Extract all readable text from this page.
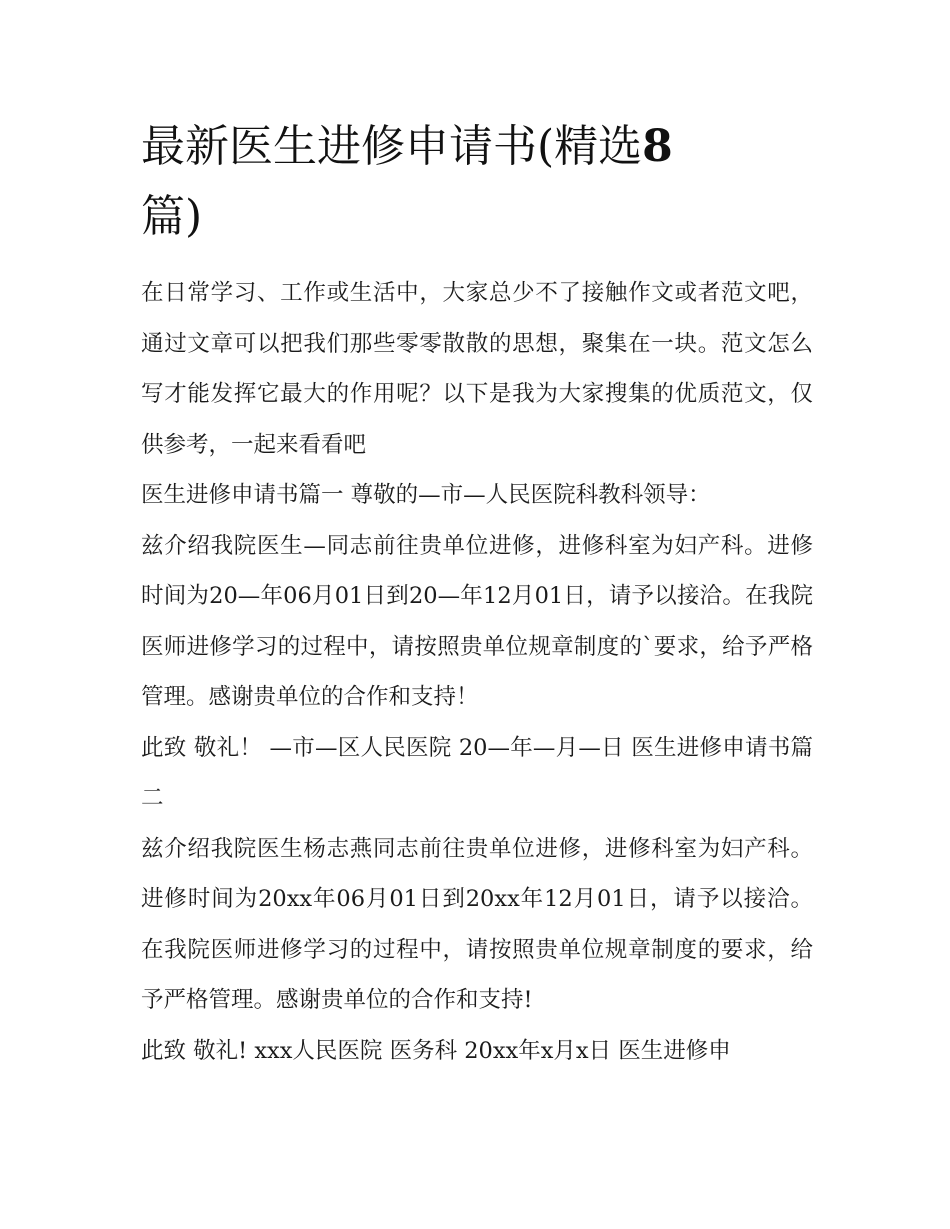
最新医生进修申请书(精选8
篇)

在日常学习、工作或生活中，大家总少不了接触作文或者范文吧，通过文章可以把我们那些零零散散的思想，聚集在一块。范文怎么写才能发挥它最大的作用呢？以下是我为大家搜集的优质范文，仅供参考，一起来看看吧

医生进修申请书篇一 尊敬的—市—人民医院科教科领导：

兹介绍我院医生—同志前往贵单位进修，进修科室为妇产科。进修时间为20—年06月01日到20—年12月01日，请予以接洽。在我院医师进修学习的过程中，请按照贵单位规章制度的`要求，给予严格管理。感谢贵单位的合作和支持！

此致 敬礼！ —市—区人民医院 20—年—月—日 医生进修申请书篇二

兹介绍我院医生杨志燕同志前往贵单位进修，进修科室为妇产科。进修时间为20xx年06月01日到20xx年12月01日，请予以接洽。在我院医师进修学习的过程中，请按照贵单位规章制度的要求，给予严格管理。感谢贵单位的合作和支持!

此致 敬礼! xxx人民医院 医务科 20xx年x月x日 医生进修申
